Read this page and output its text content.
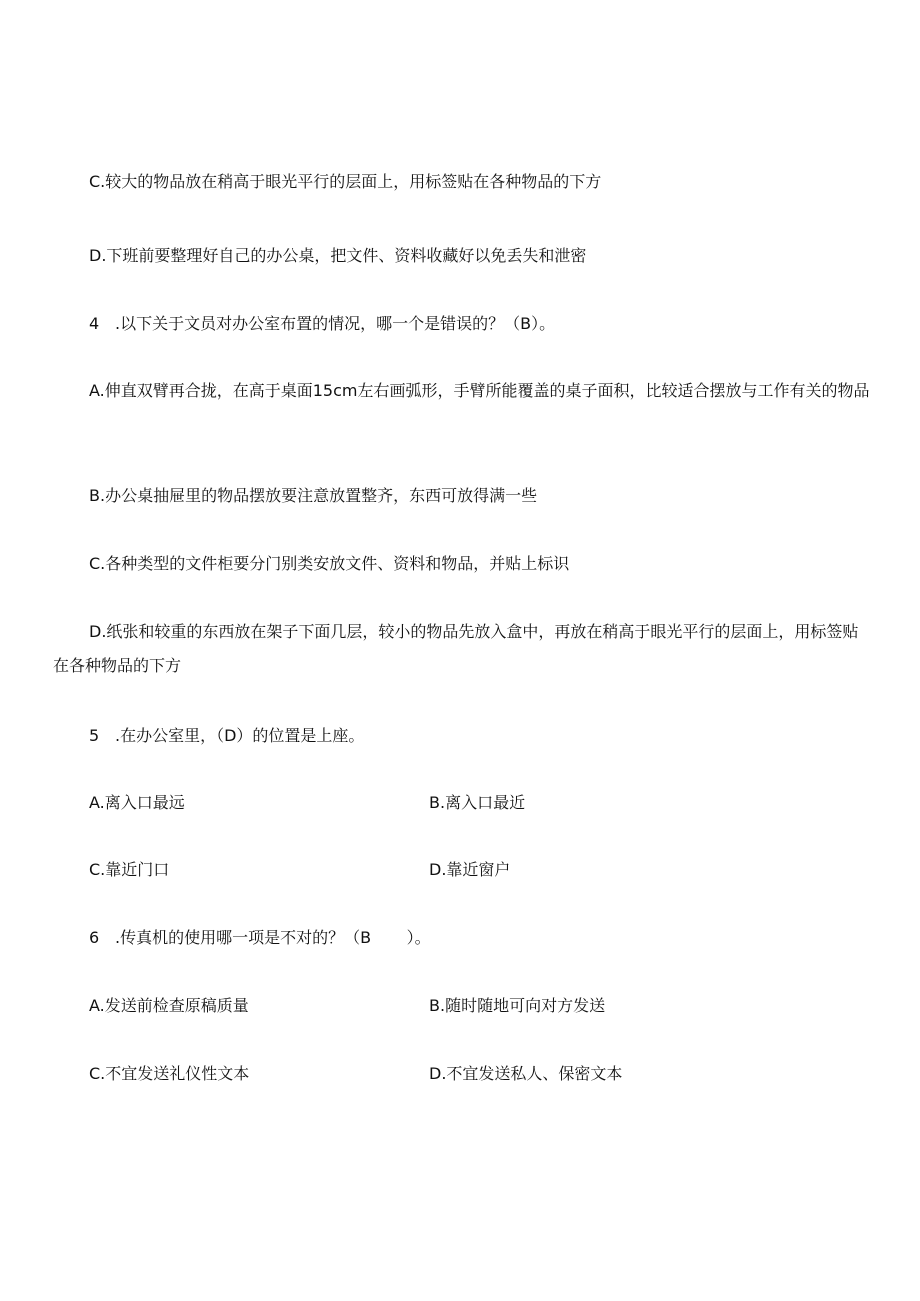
C.较大的物品放在稍高于眼光平行的层面上，用标签贴在各种物品的下方
D.下班前要整理好自己的办公桌，把文件、资料收藏好以免丢失和泄密
4 .以下关于文员对办公室布置的情况，哪一个是错误的？（B）。
A.伸直双臂再合拢，在高于桌面15cm左右画弧形，手臂所能覆盖的桌子面积，比较适合摆放与工作有关的物品
B.办公桌抽屉里的物品摆放要注意放置整齐，东西可放得满一些
C.各种类型的文件柜要分门别类安放文件、资料和物品，并贴上标识
D.纸张和较重的东西放在架子下面几层，较小的物品先放入盒中，再放在稍高于眼光平行的层面上，用标签贴在各种物品的下方
5 .在办公室里，（D）的位置是上座。
A.离入口最远	B.离入口最近
C.靠近门口	D.靠近窗户
6 .传真机的使用哪一项是不对的？（B       ）。
A.发送前检查原稿质量	B.随时随地可向对方发送
C.不宜发送礼仪性文本	D.不宜发送私人、保密文本
